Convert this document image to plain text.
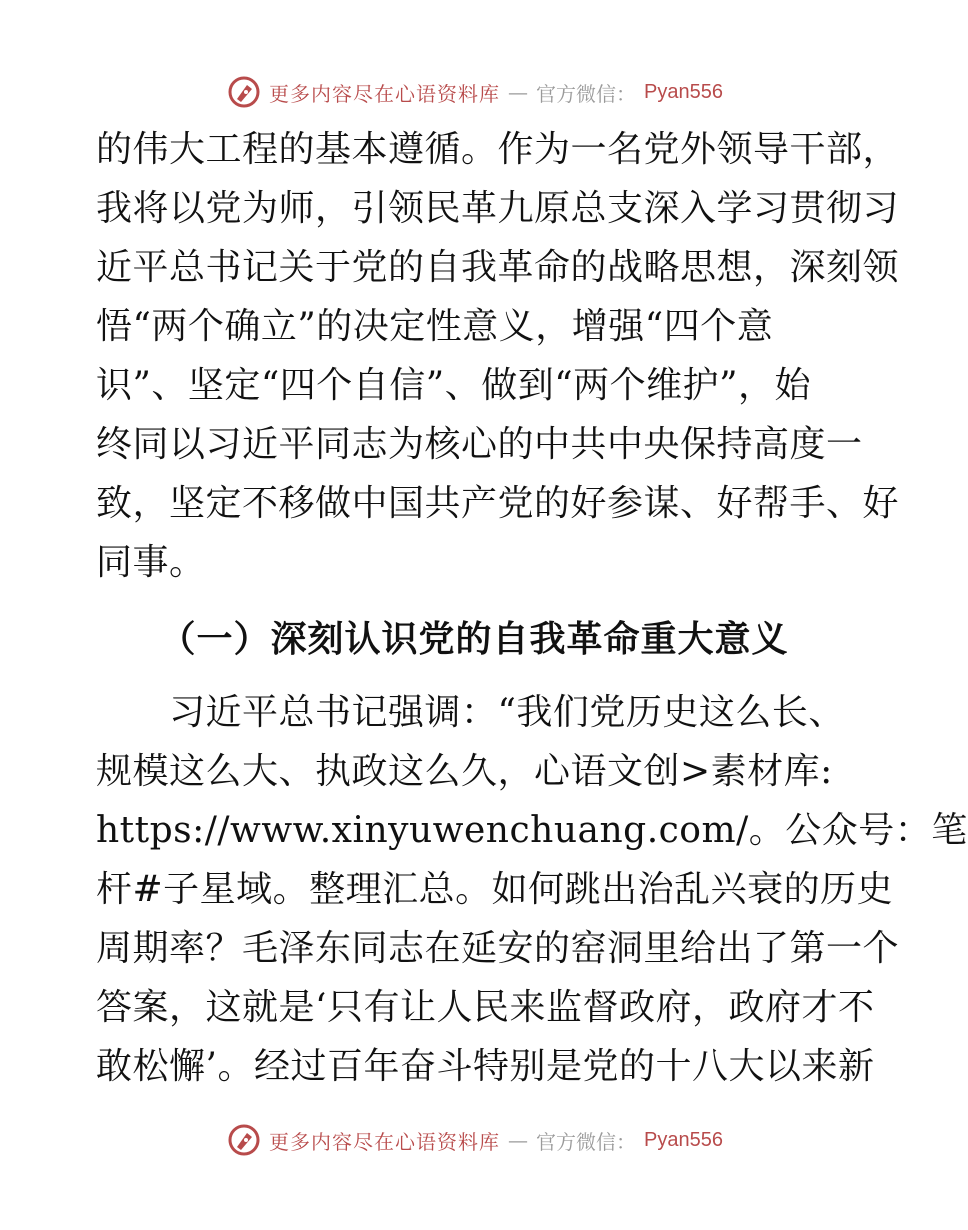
更多内容尽在心语资料库 — 官方微信： Pyan556

的伟大工程的基本遵循。作为一名党外领导干部，
我将以党为师，引领民革九原总支深入学习贯彻习
近平总书记关于党的自我革命的战略思想，深刻领
悟“两个确立”的决定性意义，增强“四个意
识”、坚定“四个自信”、做到“两个维护”，始
终同以习近平同志为核心的中共中央保持高度一
致，坚定不移做中国共产党的好参谋、好帮手、好
同事。

（一）深刻认识党的自我革命重大意义

　　习近平总书记强调：“我们党历史这么长、
规模这么大、执政这么久，心语文创>素材库:
https://www.xinyuwenchuang.com/。公众号：笔
杆#子星域。整理汇总。如何跳出治乱兴衰的历史
周期率？毛泽东同志在延安的窑洞里给出了第一个
答案，这就是‘只有让人民来监督政府，政府才不
敢松懈’。经过百年奋斗特别是党的十八大以来新

更多内容尽在心语资料库 — 官方微信： Pyan556
